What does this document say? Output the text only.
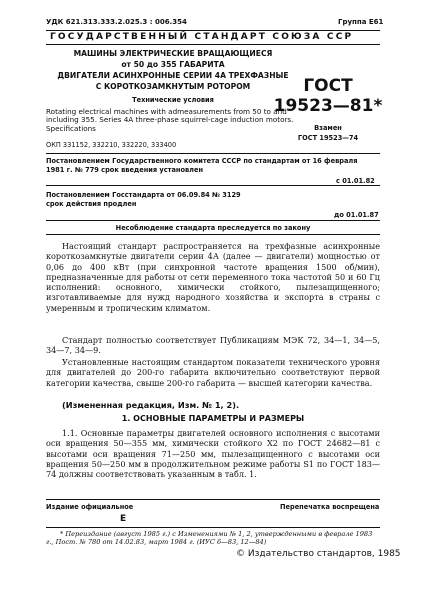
УДК 621.313.333.2.025.3 : 006.354	Группа Е61
ГОСУДАРСТВЕННЫЙ СТАНДАРТ СОЮЗА ССР
МАШИНЫ ЭЛЕКТРИЧЕСКИЕ ВРАЩАЮЩИЕСЯ
от 50 до 355 ГАБАРИТА
ДВИГАТЕЛИ АСИНХРОННЫЕ СЕРИИ 4А ТРЕХФАЗНЫЕ
С КОРОТКОЗАМКНУТЫМ РОТОРОМ
Технические условия
Rotating electrical machines with admeasurements from 50 to and including 355. Series 4A three-phase squirrel-cage induction motors. Specifications
ОКП 331152, 332210, 332220, 333400
ГОСТ
19523—81*
Взамен
ГОСТ 19523—74
Постановлением Государственного комитета СССР по стандартам от 16 февраля
1981 г. № 779 срок введения установлен
с 01.01.82
Постановлением Госстандарта от 06.09.84 № 3129
срок действия продлен
до 01.01.87
Несоблюдение стандарта преследуется по закону
Настоящий стандарт распространяется на трехфазные асинхронные короткозамкнутые двигатели серии 4А (далее — двигатели) мощностью от 0,06 до 400 кВт (при синхронной частоте вращения 1500 об/мин), предназначенные для работы от сети переменного тока частотой 50 и 60 Гц исполнений: основного, химически стойкого, пылезащищенного; изготавливаемые для нужд народного хозяйства и экспорта в страны с умеренным и тропическим климатом.
Стандарт полностью соответствует Публикациям МЭК 72, 34—1, 34—5, 34—7, 34—9.
Установленные настоящим стандартом показатели технического уровня для двигателей до 200-го габарита включительно соответствуют первой категории качества, свыше 200-го габарита — высшей категории качества.
(Измененная редакция, Изм. № 1, 2).
1. ОСНОВНЫЕ ПАРАМЕТРЫ И РАЗМЕРЫ
1.1. Основные параметры двигателей основного исполнения с высотами оси вращения 50—355 мм, химически стойкого Х2 по ГОСТ 24682—81 с высотами оси вращения 71—250 мм, пылезащищенного с высотами оси вращения 50—250 мм в продолжительном режиме работы S1 по ГОСТ 183—74 должны соответствовать указанным в табл. 1.
Издание официальное	Перепечатка воспрещена
Е
* Переиздание (август 1985 г.) с Изменениями № 1, 2, утвержденными в феврале 1983 г., Пост. № 780 от 14.02.83, март 1984 г. (ИУС 6—83, 12—84)
© Издательство стандартов, 1985
